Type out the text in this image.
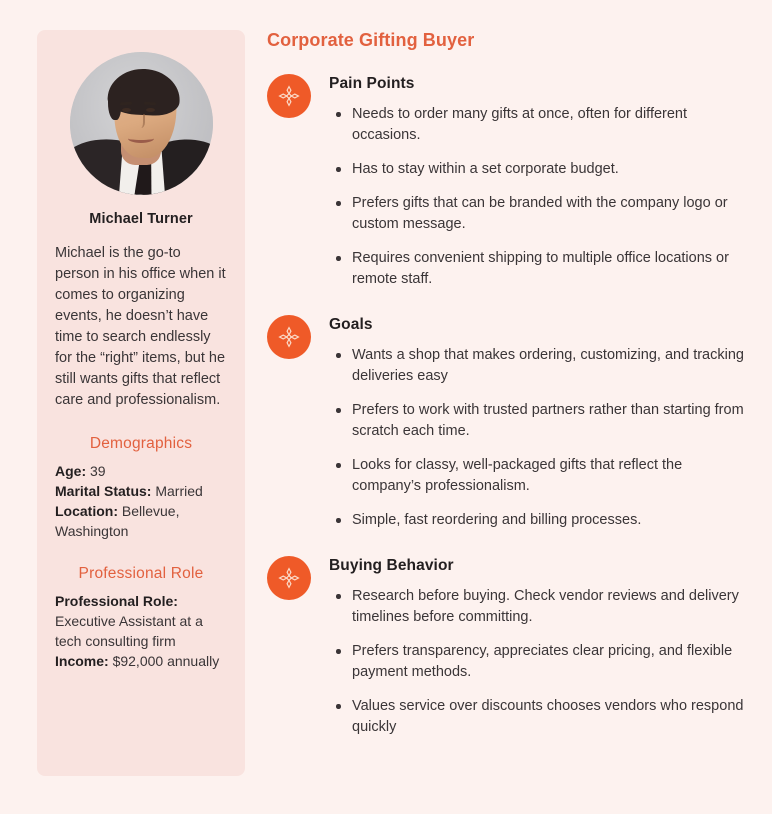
Michael Turner

Michael is the go-to person in his office when it comes to organizing events, he doesn’t have time to search endlessly for the “right” items, but he still wants gifts that reflect care and professionalism.

Demographics
Age: 39
Marital Status: Married
Location: Bellevue, Washington
Professional Role
Professional Role: Executive Assistant at a tech consulting firm
Income: $92,000 annually
Corporate Gifting Buyer
Pain Points
Needs to order many gifts at once, often for different occasions.
Has to stay within a set corporate budget.
Prefers gifts that can be branded with the company logo or custom message.
Requires convenient shipping to multiple office locations or remote staff.
Goals
Wants a shop that makes ordering, customizing, and tracking deliveries easy
Prefers to work with trusted partners rather than starting from scratch each time.
Looks for classy, well-packaged gifts that reflect the company’s professionalism.
Simple, fast reordering and billing processes.
Buying Behavior
Research before buying. Check vendor reviews and delivery timelines before committing.
Prefers transparency, appreciates clear pricing, and flexible payment methods.
Values service over discounts chooses vendors who respond quickly
